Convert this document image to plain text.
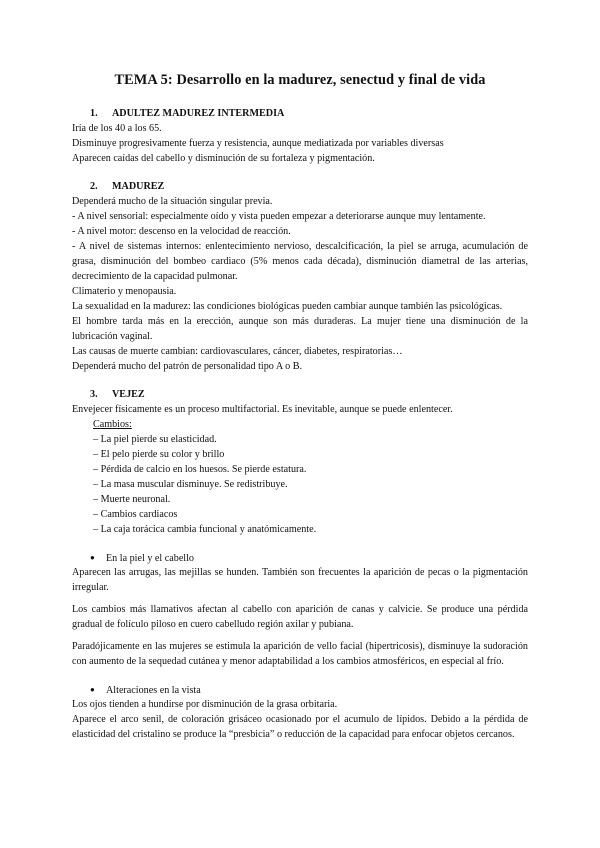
TEMA 5: Desarrollo en la madurez, senectud y final de vida
1. ADULTEZ MADUREZ INTERMEDIA

Iría de los 40 a los 65.

Disminuye progresivamente fuerza y resistencia, aunque mediatizada por variables diversas

Aparecen caídas del cabello y disminución de su fortaleza y pigmentación.

2. MADUREZ

Dependerá mucho de la situación singular previa.

- A nivel sensorial: especialmente oído y vista pueden empezar a deteriorarse aunque muy lentamente.

- A nivel motor: descenso en la velocidad de reacción.

- A nivel de sistemas internos: enlentecimiento nervioso, descalcificación, la piel se arruga, acumulación de grasa, disminución del bombeo cardiaco (5% menos cada década), disminución diametral de las arterias, decrecimiento de la capacidad pulmonar.

Climaterio y menopausia.

La sexualidad en la madurez: las condiciones biológicas pueden cambiar aunque también las psicológicas.

El hombre tarda más en la erección, aunque son más duraderas. La mujer tiene una disminución de la lubricación vaginal.

Las causas de muerte cambian: cardiovasculares, cáncer, diabetes, respiratorias…

Dependerá mucho del patrón de personalidad tipo A o B.

3. VEJEZ

Envejecer físicamente es un proceso multifactorial. Es inevitable, aunque se puede enlentecer.

Cambios:
– La piel pierde su elasticidad.
– El pelo pierde su color y brillo
– Pérdida de calcio en los huesos. Se pierde estatura.
– La masa muscular disminuye. Se redistribuye.
– Muerte neuronal.
– Cambios cardiacos
– La caja torácica cambia funcional y anatómicamente.
● En la piel y el cabello

Aparecen las arrugas, las mejillas se hunden. También son frecuentes la aparición de pecas o la pigmentación irregular.

Los cambios más llamativos afectan al cabello con aparición de canas y calvicie. Se produce una pérdida gradual de folículo piloso en cuero cabelludo región axilar y pubiana.

Paradójicamente en las mujeres se estimula la aparición de vello facial (hipertricosis), disminuye la sudoración con aumento de la sequedad cutánea y menor adaptabilidad a los cambios atmosféricos, en especial al frío.

● Alteraciones en la vista

Los ojos tienden a hundirse por disminución de la grasa orbitaria.

Aparece el arco senil, de coloración grisáceo ocasionado por el acumulo de lípidos. Debido a la pérdida de elasticidad del cristalino se produce la “presbicia” o reducción de la capacidad para enfocar objetos cercanos.
